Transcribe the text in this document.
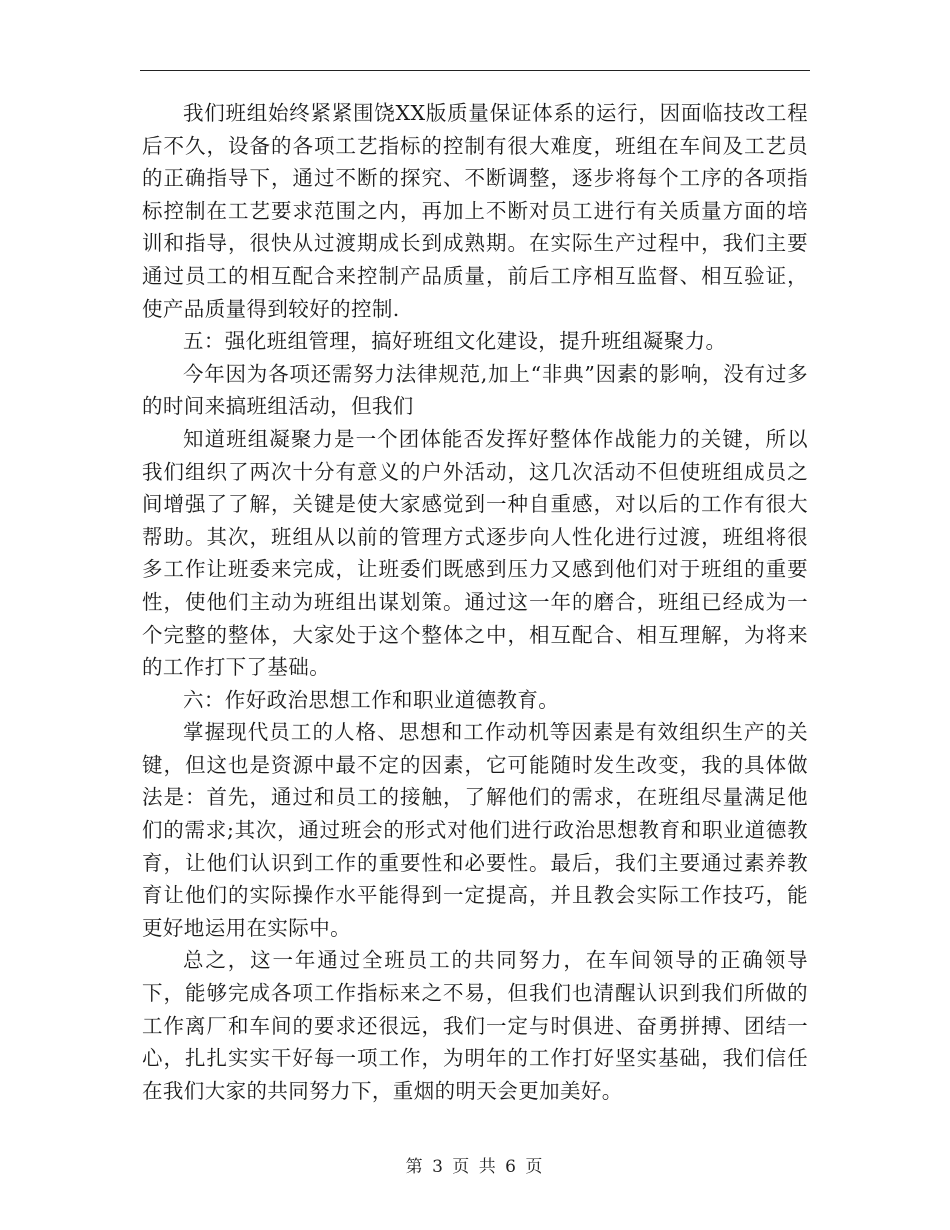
我们班组始终紧紧围饶XX版质量保证体系的运行，因面临技改工程后不久，设备的各项工艺指标的控制有很大难度，班组在车间及工艺员的正确指导下，通过不断的探究、不断调整，逐步将每个工序的各项指标控制在工艺要求范围之内，再加上不断对员工进行有关质量方面的培训和指导，很快从过渡期成长到成熟期。在实际生产过程中，我们主要通过员工的相互配合来控制产品质量，前后工序相互监督、相互验证，使产品质量得到较好的控制.

五：强化班组管理，搞好班组文化建设，提升班组凝聚力。

今年因为各项还需努力法律规范,加上“非典”因素的影响，没有过多的时间来搞班组活动，但我们

知道班组凝聚力是一个团体能否发挥好整体作战能力的关键，所以我们组织了两次十分有意义的户外活动，这几次活动不但使班组成员之间增强了了解，关键是使大家感觉到一种自重感，对以后的工作有很大帮助。其次，班组从以前的管理方式逐步向人性化进行过渡，班组将很多工作让班委来完成，让班委们既感到压力又感到他们对于班组的重要性，使他们主动为班组出谋划策。通过这一年的磨合，班组已经成为一个完整的整体，大家处于这个整体之中，相互配合、相互理解，为将来的工作打下了基础。

六：作好政治思想工作和职业道德教育。

掌握现代员工的人格、思想和工作动机等因素是有效组织生产的关键，但这也是资源中最不定的因素，它可能随时发生改变，我的具体做法是：首先，通过和员工的接触，了解他们的需求，在班组尽量满足他们的需求;其次，通过班会的形式对他们进行政治思想教育和职业道德教育，让他们认识到工作的重要性和必要性。最后，我们主要通过素养教育让他们的实际操作水平能得到一定提高，并且教会实际工作技巧，能更好地运用在实际中。

总之，这一年通过全班员工的共同努力，在车间领导的正确领导下，能够完成各项工作指标来之不易，但我们也清醒认识到我们所做的工作离厂和车间的要求还很远，我们一定与时俱进、奋勇拼搏、团结一心，扎扎实实干好每一项工作，为明年的工作打好坚实基础，我们信任在我们大家的共同努力下，重烟的明天会更加美好。

第 3 页 共 6 页
